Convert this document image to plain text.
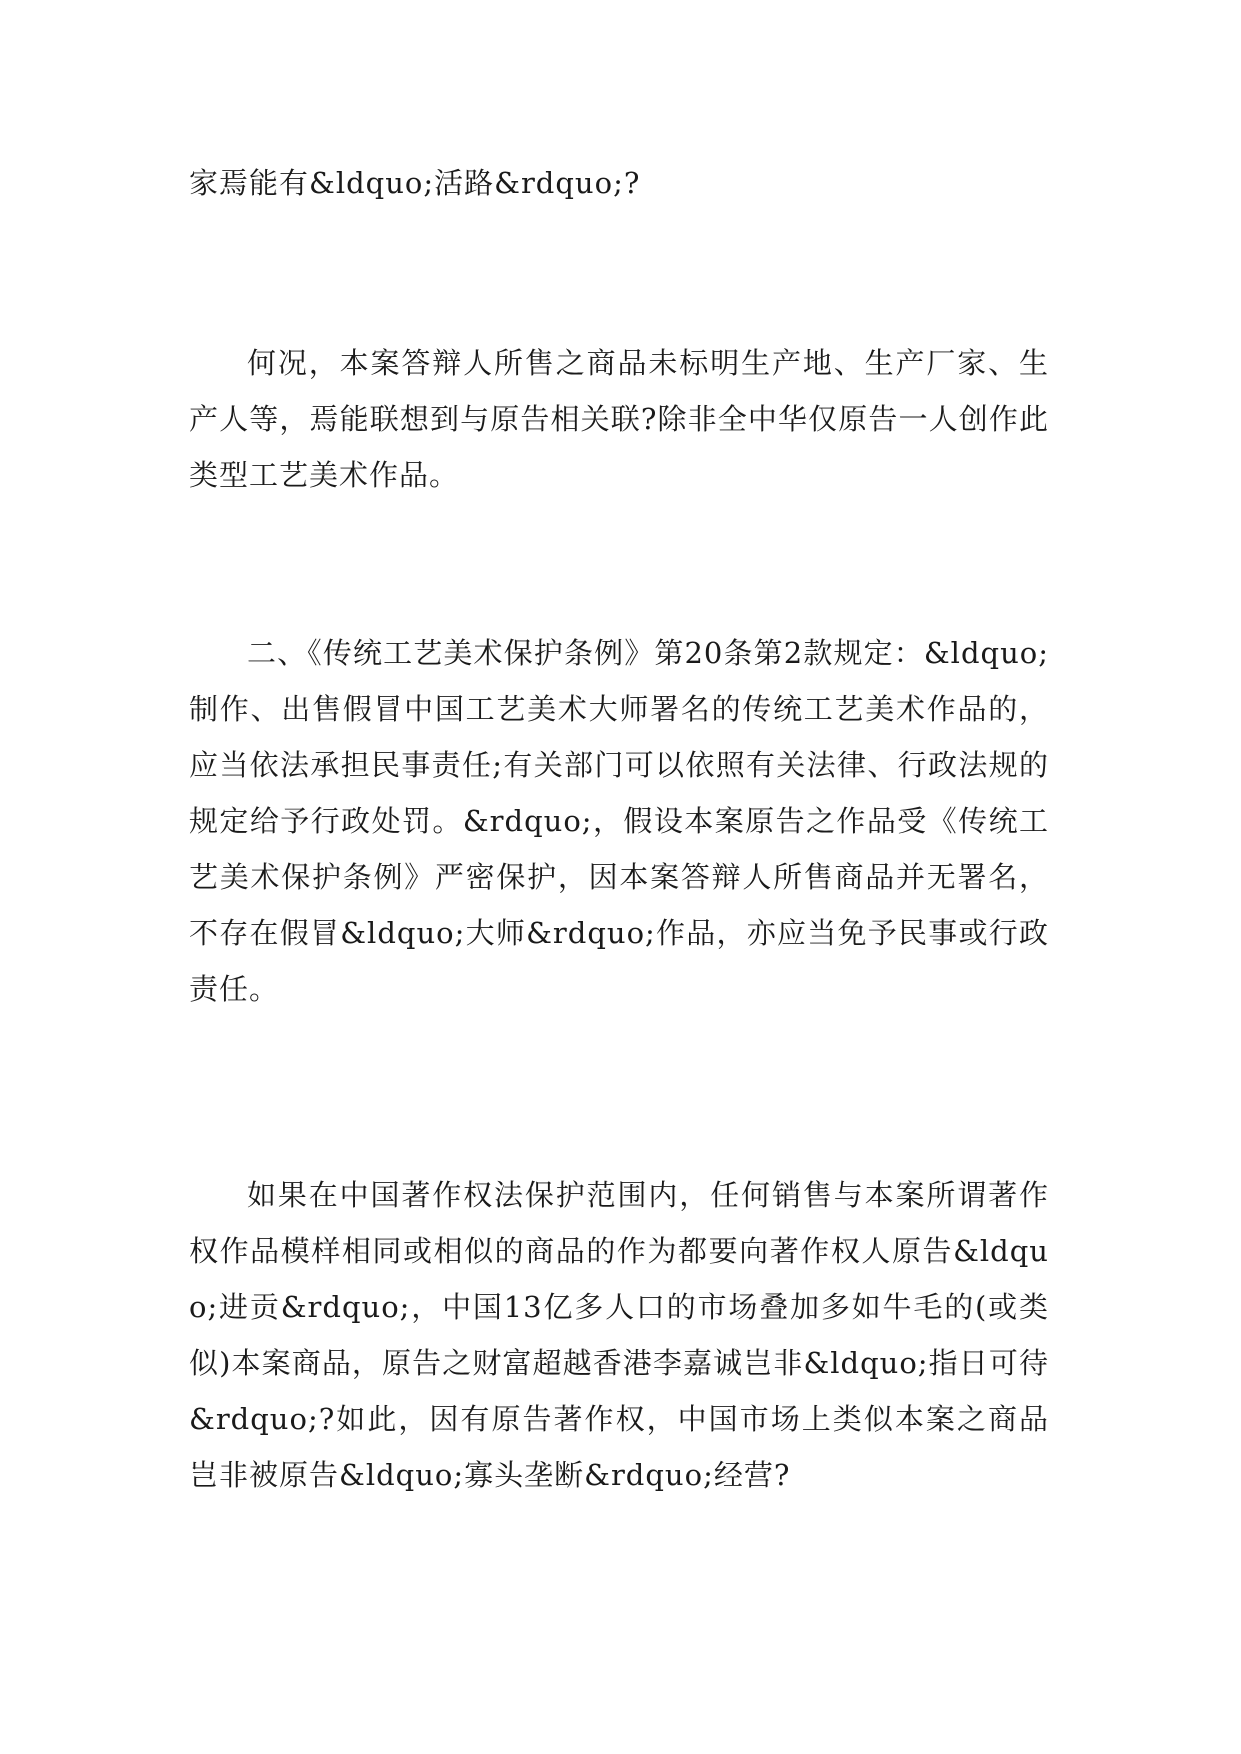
家焉能有&ldquo;活路&rdquo;?

何况，本案答辩人所售之商品未标明生产地、生产厂家、生产人等，焉能联想到与原告相关联?除非全中华仅原告一人创作此类型工艺美术作品。

二、《传统工艺美术保护条例》第20条第2款规定：&ldquo;制作、出售假冒中国工艺美术大师署名的传统工艺美术作品的，应当依法承担民事责任;有关部门可以依照有关法律、行政法规的规定给予行政处罚。&rdquo;，假设本案原告之作品受《传统工艺美术保护条例》严密保护，因本案答辩人所售商品并无署名，不存在假冒&ldquo;大师&rdquo;作品，亦应当免予民事或行政责任。

如果在中国著作权法保护范围内，任何销售与本案所谓著作权作品模样相同或相似的商品的作为都要向著作权人原告&ldquo;进贡&rdquo;，中国13亿多人口的市场叠加多如牛毛的(或类似)本案商品，原告之财富超越香港李嘉诚岂非&ldquo;指日可待&rdquo;?如此，因有原告著作权，中国市场上类似本案之商品岂非被原告&ldquo;寡头垄断&rdquo;经营?
